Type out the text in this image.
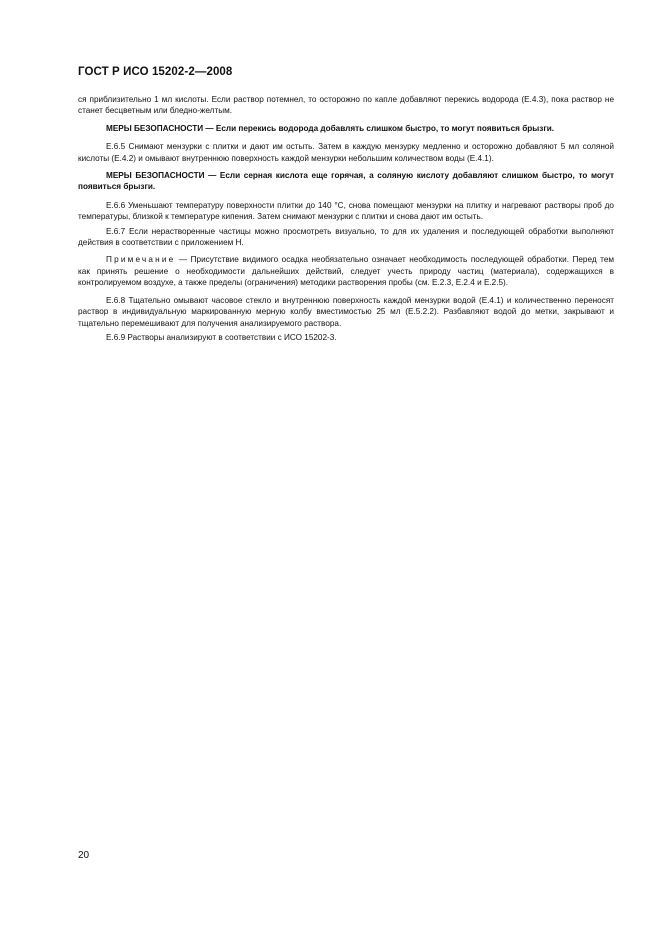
ГОСТ Р ИСО 15202-2—2008

ся приблизительно 1 мл кислоты. Если раствор потемнел, то осторожно по капле добавляют перекись водорода (Е.4.3), пока раствор не станет бесцветным или бледно-желтым.

МЕРЫ БЕЗОПАСНОСТИ — Если перекись водорода добавлять слишком быстро, то могут появиться брызги.

Е.6.5 Снимают мензурки с плитки и дают им остыть. Затем в каждую мензурку медленно и осторожно добавляют 5 мл соляной кислоты (Е.4.2) и омывают внутреннюю поверхность каждой мензурки небольшим количеством воды (Е.4.1).

МЕРЫ БЕЗОПАСНОСТИ — Если серная кислота еще горячая, а соляную кислоту добавляют слишком быстро, то могут появиться брызги.

Е.6.6 Уменьшают температуру поверхности плитки до 140 °С, снова помещают мензурки на плитку и нагревают растворы проб до температуры, близкой к температуре кипения. Затем снимают мензурки с плитки и снова дают им остыть.

Е.6.7 Если нерастворенные частицы можно просмотреть визуально, то для их удаления и последующей обработки выполняют действия в соответствии с приложением Н.

Примечание — Присутствие видимого осадка необязательно означает необходимость последующей обработки. Перед тем как принять решение о необходимости дальнейших действий, следует учесть природу частиц (материала), содержащихся в контролируемом воздухе, а также пределы (ограничения) методики растворения пробы (см. Е.2.3, Е.2.4 и Е.2.5).

Е.6.8 Тщательно омывают часовое стекло и внутреннюю поверхность каждой мензурки водой (Е.4.1) и количественно переносят раствор в индивидуальную маркированную мерную колбу вместимостью 25 мл (Е.5.2.2). Разбавляют водой до метки, закрывают и тщательно перемешивают для получения анализируемого раствора.

Е.6.9 Растворы анализируют в соответствии с ИСО 15202-3.

20
